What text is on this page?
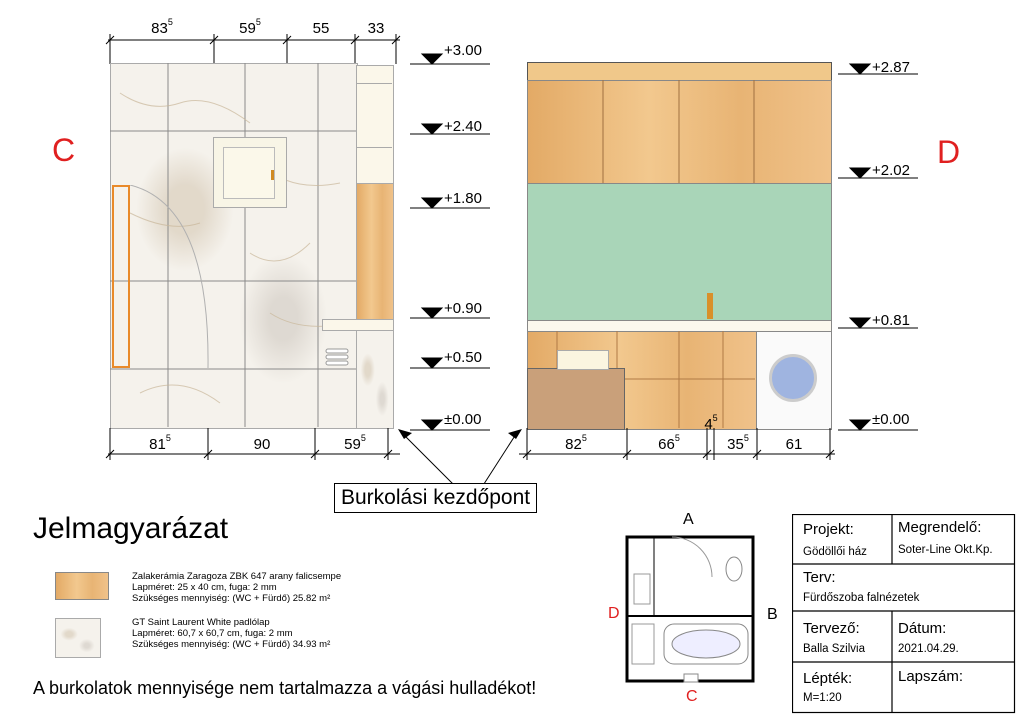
C
$83^5$	$59^5$	55	33
$81^5$	90	$59^5$
+3.00
+2.40
+1.80
+0.90
+0.50
±0.00
D
$82^5$	$66^5$	$35^5$ 61
$4^5$
+2.87
+2.02
+0.81
±0.00
Burkolási kezdőpont
Jelmagyarázat
Zalakerámia Zaragoza ZBK 647 arany falicsempe
Lapméret: 25 x 40 cm, fuga: 2 mm
Szükséges mennyiség: (WC + Fürdő) 25.82 m²
GT Saint Laurent White padlólap
Lapméret: 60,7 x 60,7 cm, fuga: 2 mm
Szükséges mennyiség: (WC + Fürdő) 34.93 m²
A burkolatok mennyisége nem tartalmazza a vágási hulladékot!
A
B
C
D
Projekt:
Gödöllői ház
Megrendelő:
Soter-Line Okt.Kp.
Terv:
Fürdőszoba falnézetek
Tervező:
Balla Szilvia
Dátum:
2021.04.29.
Lépték:
M=1:20
Lapszám:
